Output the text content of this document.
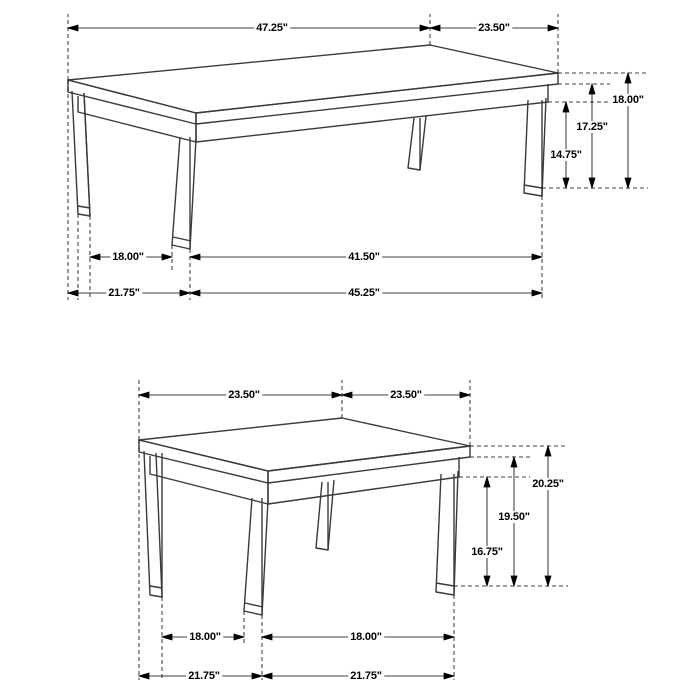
47.25"	23.50"
18.00"
17.25"
14.75"
18.00"	41.50"
21.75"	45.25"
23.50"	23.50"
20.25"
19.50"
16.75"
18.00"	18.00"
21.75"	21.75"
